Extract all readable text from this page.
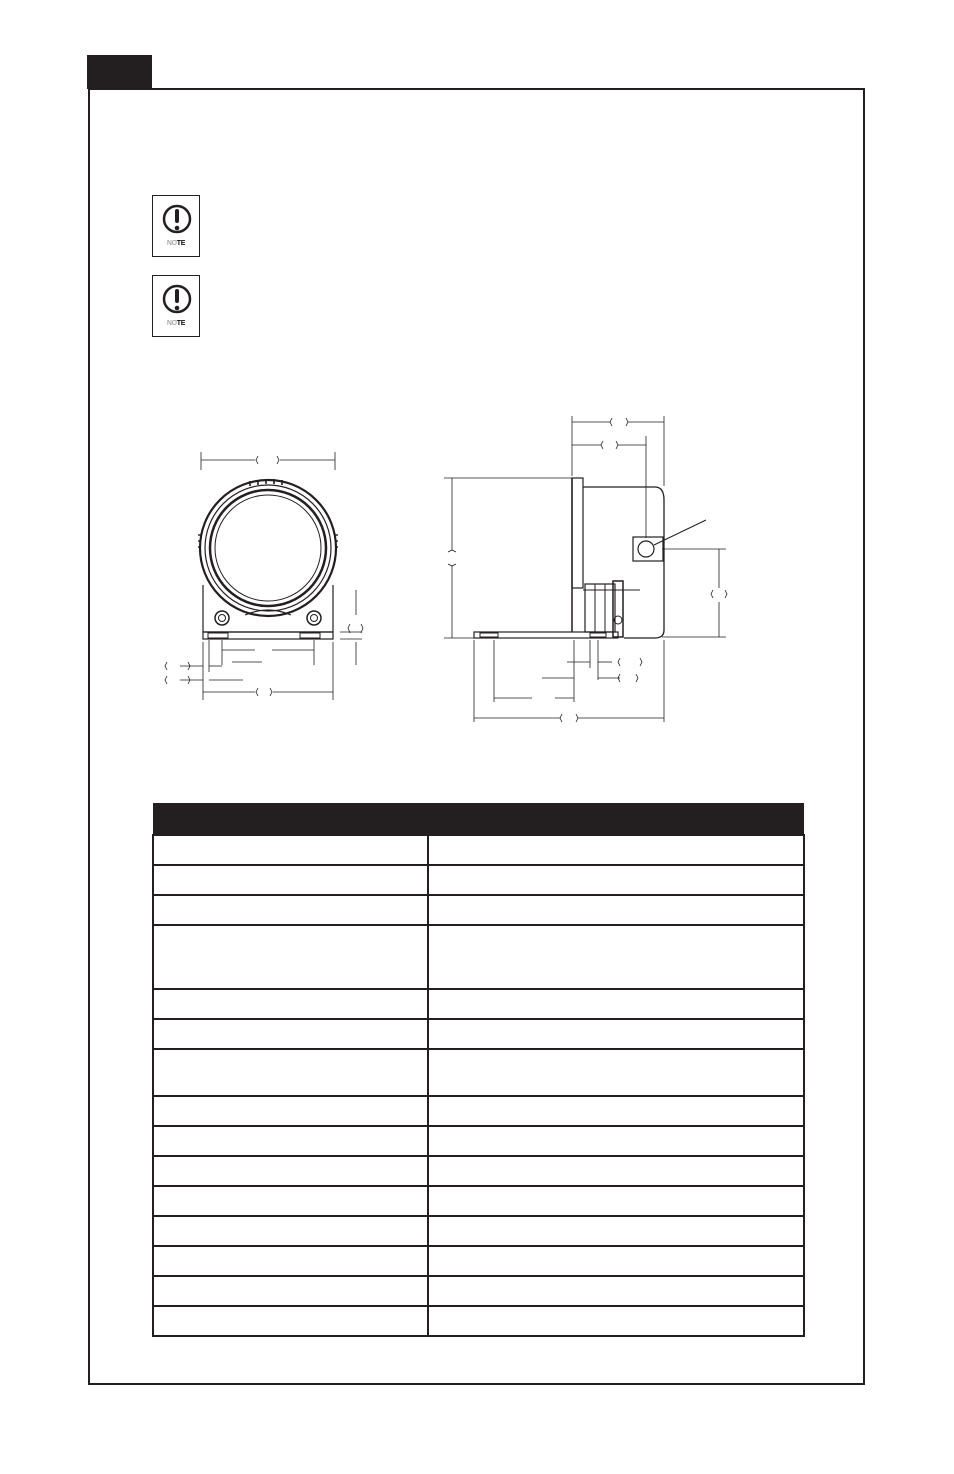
NOTE
NOTE
